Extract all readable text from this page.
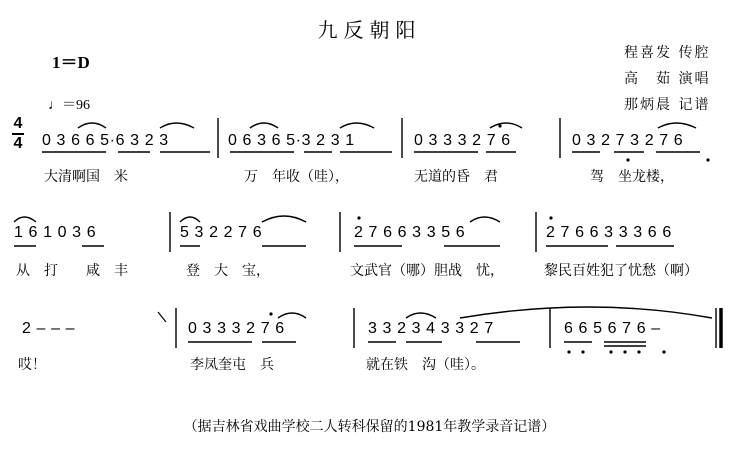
九反朝阳
1＝D
♩＝96
程喜发 传腔
高　茹 演唱
那炳晨 记谱
4
4 0 3 6 6 5·6 3 2 3	0 6 3 6 5·3 2 3 1	0 3 3 3 2 7 6	0 3 2 7 3 2 7 6
大清啊国　米	万　年收（哇），	无道的昏　君	驾　坐龙楼，
1 6 1 0 3 6	5 3 2 2 7 6	2 7 6 6 3 3 5 6	2 7 6 6 3 3 3 6 6
从　打　　咸　丰	登　大　宝，	文武官（哪）胆战　忧，	黎民百姓犯了忧愁（啊）
2 – – –	0 3 3 3 2 7 6	3 3 2 3 4 3 3 2 7	6 6 5 6 7 6 –
哎！	李凤奎屯　兵	就在铁　沟（哇）。
（据吉林省戏曲学校二人转科保留的1981年教学录音记谱）
